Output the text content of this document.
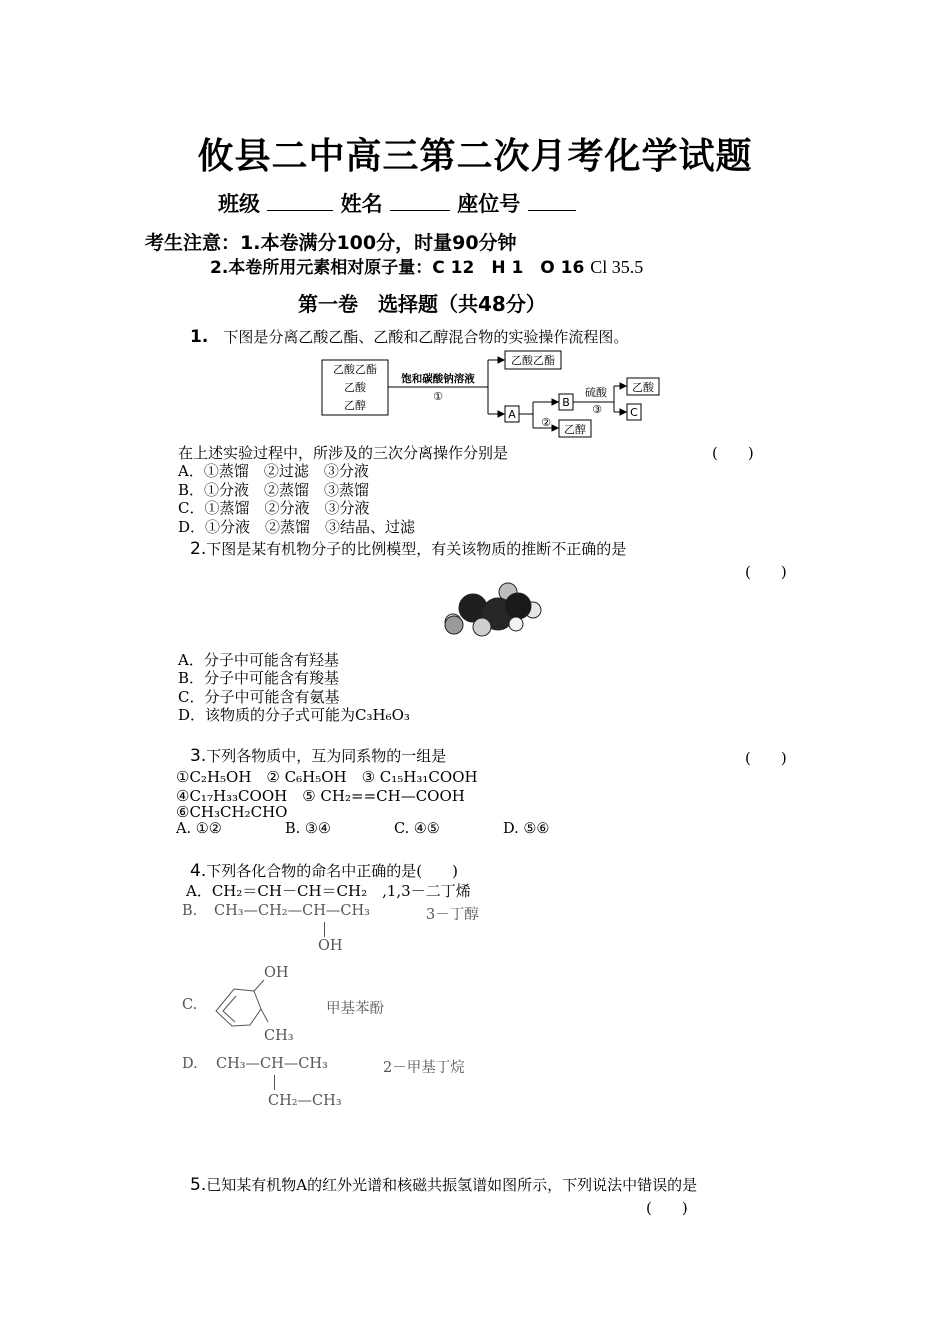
攸县二中高三第二次月考化学试题
班级	姓名	座位号
考生注意：1.本卷满分100分，时量90分钟
2.本卷所用元素相对原子量：C 12　H 1　O 16 Cl 35.5
第一卷　选择题（共48分）
1. 下图是分离乙酸乙酯、乙酸和乙醇混合物的实验操作流程图。
乙酸乙酯
乙酸
乙醇
饱和碳酸钠溶液
①
乙酸乙酯
A
②
B
硫酸
③
乙酸
C
乙醇
在上述实验过程中，所涉及的三次分离操作分别是	(　　)
A．①蒸馏　②过滤　③分液
B．①分液　②蒸馏　③蒸馏
C．①蒸馏　②分液　③分液
D．①分液　②蒸馏　③结晶、过滤
2.下图是某有机物分子的比例模型，有关该物质的推断不正确的是
(　　)
A．分子中可能含有羟基
B．分子中可能含有羧基
C．分子中可能含有氨基
D．该物质的分子式可能为C₃H₆O₃
3.下列各物质中，互为同系物的一组是	(　　)
①C₂H₅OH　② C₆H₅OH　③ C₁₅H₃₁COOH
④C₁₇H₃₃COOH　⑤ CH₂==CH—COOH
⑥CH₃CH₂CHO
A. ①②	B. ③④	C. ④⑤	D. ⑤⑥
4.下列各化合物的命名中正确的是(　　)
A．CH₂＝CH－CH＝CH₂　,1,3－二丁烯
B. CH₃—CH₂—CH—CH₃
OH
3－丁醇
C.
OH
CH₃
甲基苯酚
D. CH₃—CH—CH₃
CH₂—CH₃
2－甲基丁烷
5.已知某有机物A的红外光谱和核磁共振氢谱如图所示，下列说法中错误的是
(　　)
